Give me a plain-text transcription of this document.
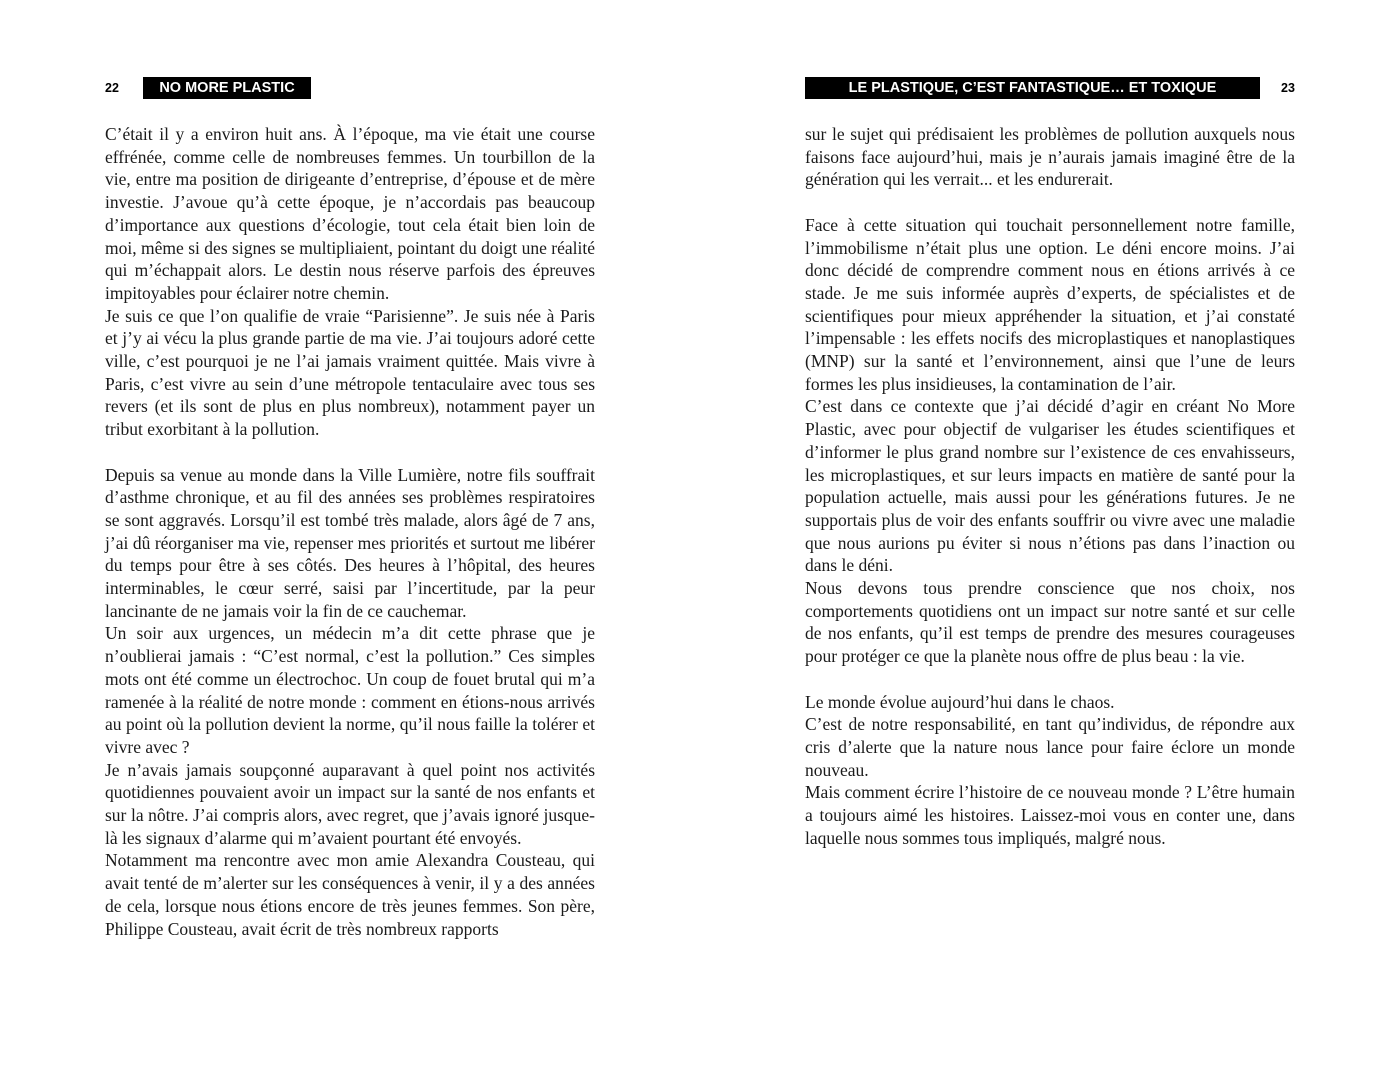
22	NO MORE PLASTIC

C’était il y a environ huit ans. À l’époque, ma vie était une course effrénée, comme celle de nombreuses femmes. Un tourbillon de la vie, entre ma position de dirigeante d’entreprise, d’épouse et de mère investie. J’avoue qu’à cette époque, je n’accordais pas beaucoup d’importance aux questions d’écologie, tout cela était bien loin de moi, même si des signes se multipliaient, pointant du doigt une réalité qui m’échappait alors. Le destin nous réserve parfois des épreuves impitoyables pour éclairer notre chemin.

Je suis ce que l’on qualifie de vraie “Parisienne”. Je suis née à Paris et j’y ai vécu la plus grande partie de ma vie. J’ai toujours adoré cette ville, c’est pourquoi je ne l’ai jamais vraiment quittée. Mais vivre à Paris, c’est vivre au sein d’une métropole tentaculaire avec tous ses revers (et ils sont de plus en plus nombreux), notamment payer un tribut exorbitant à la pollution.

Depuis sa venue au monde dans la Ville Lumière, notre fils souffrait d’asthme chronique, et au fil des années ses problèmes respiratoires se sont aggravés. Lorsqu’il est tombé très malade, alors âgé de 7 ans, j’ai dû réorganiser ma vie, repenser mes priorités et surtout me libérer du temps pour être à ses côtés. Des heures à l’hôpital, des heures interminables, le cœur serré, saisi par l’incertitude, par la peur lancinante de ne jamais voir la fin de ce cauchemar.

Un soir aux urgences, un médecin m’a dit cette phrase que je n’oublierai jamais : “C’est normal, c’est la pollution.” Ces simples mots ont été comme un électrochoc. Un coup de fouet brutal qui m’a ramenée à la réalité de notre monde : comment en étions-nous arrivés au point où la pollution devient la norme, qu’il nous faille la tolérer et vivre avec ?

Je n’avais jamais soupçonné auparavant à quel point nos activités quotidiennes pouvaient avoir un impact sur la santé de nos enfants et sur la nôtre. J’ai compris alors, avec regret, que j’avais ignoré jusque-là les signaux d’alarme qui m’avaient pourtant été envoyés.

Notamment ma rencontre avec mon amie Alexandra Cousteau, qui avait tenté de m’alerter sur les conséquences à venir, il y a des années de cela, lorsque nous étions encore de très jeunes femmes. Son père, Philippe Cousteau, avait écrit de très nombreux rapports

LE PLASTIQUE, C’EST FANTASTIQUE… ET TOXIQUE	23

sur le sujet qui prédisaient les problèmes de pollution auxquels nous faisons face aujourd’hui, mais je n’aurais jamais imaginé être de la génération qui les verrait... et les endurerait.

Face à cette situation qui touchait personnellement notre famille, l’immobilisme n’était plus une option. Le déni encore moins. J’ai donc décidé de comprendre comment nous en étions arrivés à ce stade. Je me suis informée auprès d’experts, de spécialistes et de scientifiques pour mieux appréhender la situation, et j’ai constaté l’impensable : les effets nocifs des microplastiques et nanoplastiques (MNP) sur la santé et l’environnement, ainsi que l’une de leurs formes les plus insidieuses, la contamination de l’air.

C’est dans ce contexte que j’ai décidé d’agir en créant No More Plastic, avec pour objectif de vulgariser les études scientifiques et d’informer le plus grand nombre sur l’existence de ces envahisseurs, les microplastiques, et sur leurs impacts en matière de santé pour la population actuelle, mais aussi pour les générations futures. Je ne supportais plus de voir des enfants souffrir ou vivre avec une maladie que nous aurions pu éviter si nous n’étions pas dans l’inaction ou dans le déni.

Nous devons tous prendre conscience que nos choix, nos comportements quotidiens ont un impact sur notre santé et sur celle de nos enfants, qu’il est temps de prendre des mesures courageuses pour protéger ce que la planète nous offre de plus beau : la vie.

Le monde évolue aujourd’hui dans le chaos.

C’est de notre responsabilité, en tant qu’individus, de répondre aux cris d’alerte que la nature nous lance pour faire éclore un monde nouveau.

Mais comment écrire l’histoire de ce nouveau monde ? L’être humain a toujours aimé les histoires. Laissez-moi vous en conter une, dans laquelle nous sommes tous impliqués, malgré nous.
